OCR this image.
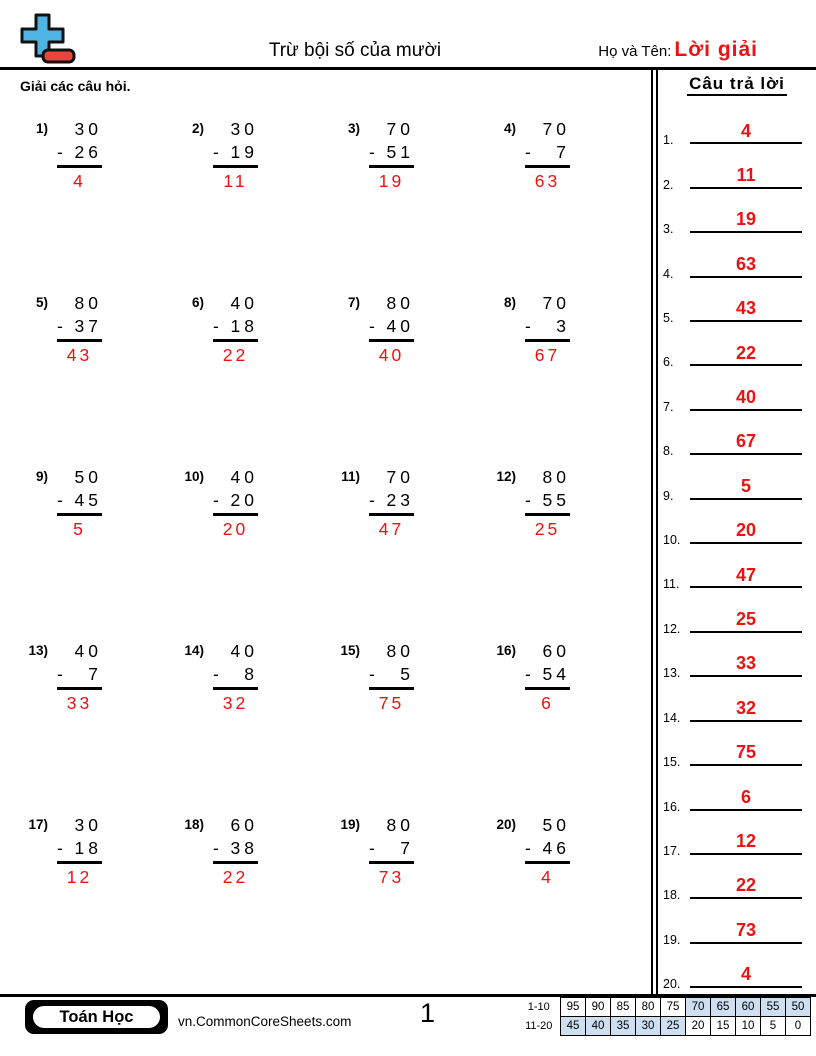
Trừ bội số của mười	Họ và Tên: Lời giải
Giải các câu hỏi.
1)	30
- 26
4
2)	30
- 19
11
3)	70
- 51
19
4)	70
- 7
63
5)	80
- 37
43
6)	40
- 18
22
7)	80
- 40
40
8)	70
- 3
67
9)	50
- 45
5
10)	40
- 20
20
11)	70
- 23
47
12)	80
- 55
25
13)	40
- 7
33
14)	40
- 8
32
15)	80
- 5
75
16)	60
- 54
6
17)	30
- 18
12
18)	60
- 38
22
19)	80
- 7
73
20)	50
- 46
4
Câu trả lời
1.	4
2.	11
3.	19
4.	63
5.	43
6.	22
7.	40
8.	67
9.	5
10.	20
11.	47
12.	25
13.	33
14.	32
15.	75
16.	6
17.	12
18.	22
19.	73
20.	4
Toán Học	vn.CommonCoreSheets.com	1	1-10	95	90	85	80	75	70	65	60	55	50
11-20	45	40	35	30	25	20	15	10	5	0
